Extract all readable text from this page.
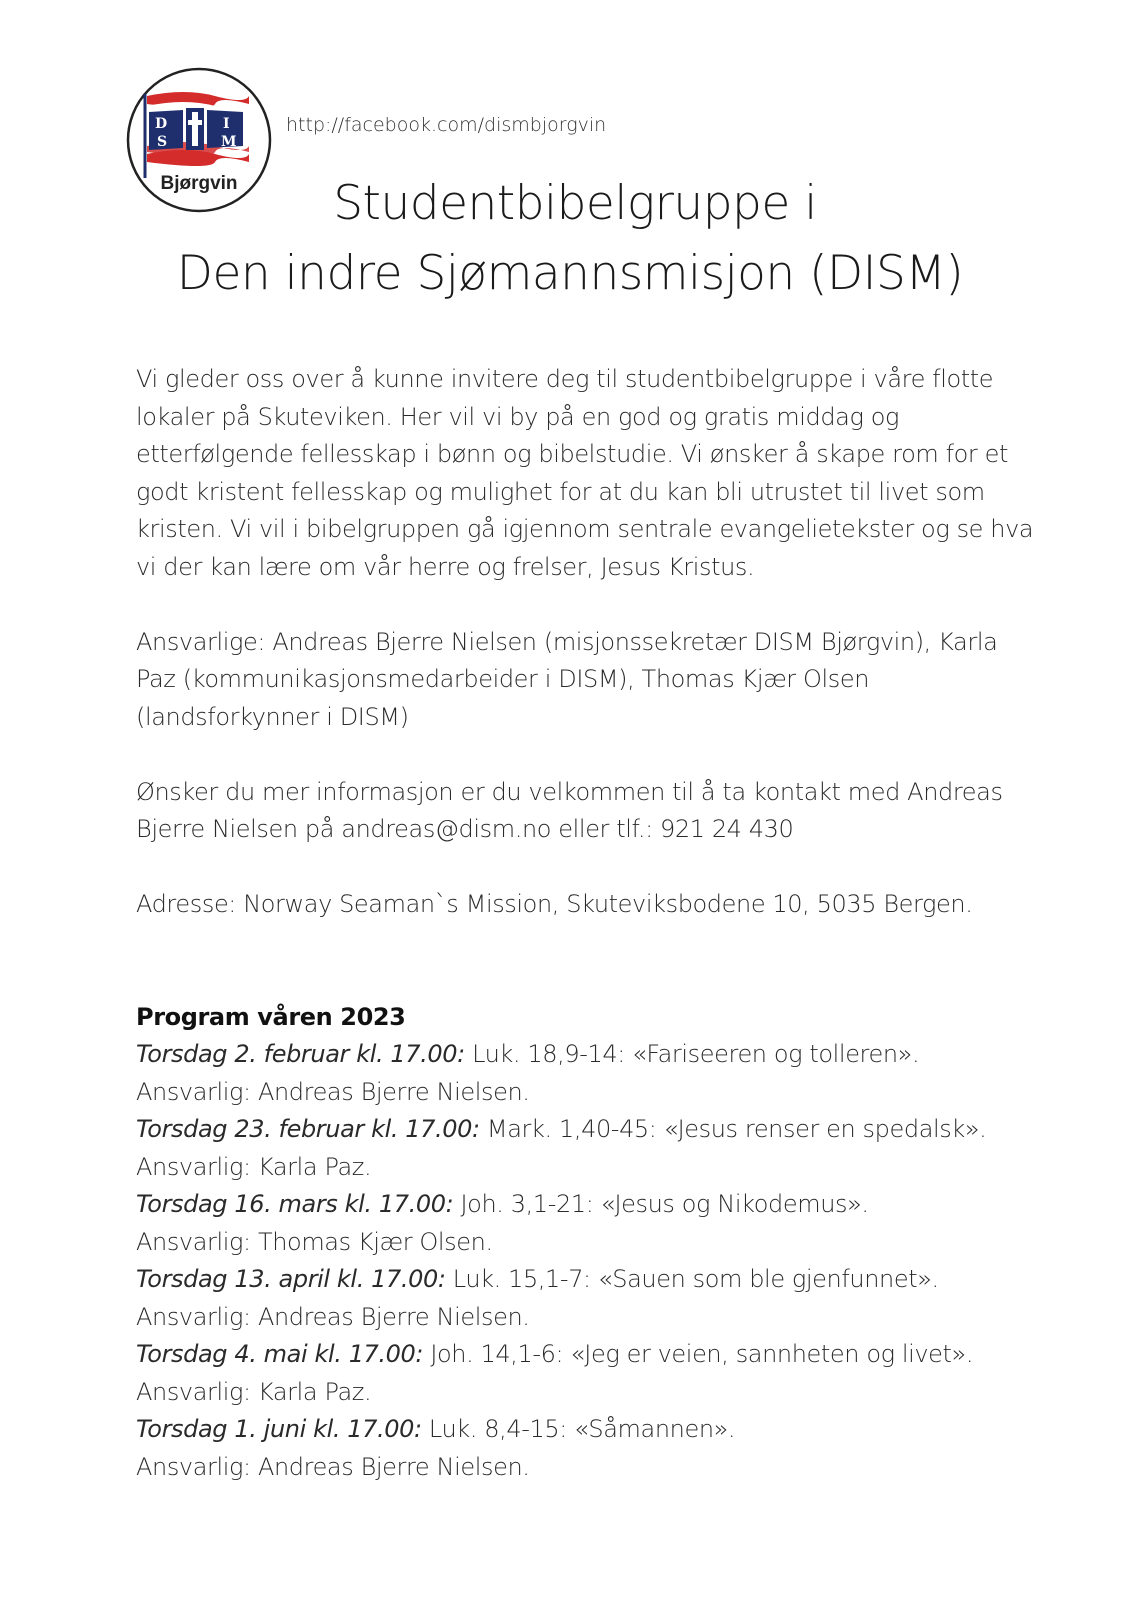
D	I
S	M
Bjørgvin
http://facebook.com/dismbjorgvin
Studentbibelgruppe i
Den indre Sjømannsmisjon (DISM)

Vi gleder oss over å kunne invitere deg til studentbibelgruppe i våre flotte lokaler på Skuteviken. Her vil vi by på en god og gratis middag og etterfølgende fellesskap i bønn og bibelstudie. Vi ønsker å skape rom for et godt kristent fellesskap og mulighet for at du kan bli utrustet til livet som kristen. Vi vil i bibelgruppen gå igjennom sentrale evangelietekster og se hva vi der kan lære om vår herre og frelser, Jesus Kristus.

Ansvarlige: Andreas Bjerre Nielsen (misjonssekretær DISM Bjørgvin), Karla Paz (kommunikasjonsmedarbeider i DISM), Thomas Kjær Olsen (landsforkynner i DISM)

Ønsker du mer informasjon er du velkommen til å ta kontakt med Andreas Bjerre Nielsen på andreas@dism.no eller tlf.: 921 24 430

Adresse: Norway Seaman`s Mission, Skuteviksbodene 10, 5035 Bergen.

Program våren 2023

Torsdag 2. februar kl. 17.00: Luk. 18,9-14: «Fariseeren og tolleren».
Ansvarlig: Andreas Bjerre Nielsen.
Torsdag 23. februar kl. 17.00: Mark. 1,40-45: «Jesus renser en spedalsk».
Ansvarlig: Karla Paz.
Torsdag 16. mars kl. 17.00: Joh. 3,1-21: «Jesus og Nikodemus».
Ansvarlig: Thomas Kjær Olsen.
Torsdag 13. april kl. 17.00: Luk. 15,1-7: «Sauen som ble gjenfunnet».
Ansvarlig: Andreas Bjerre Nielsen.
Torsdag 4. mai kl. 17.00: Joh. 14,1-6: «Jeg er veien, sannheten og livet».
Ansvarlig: Karla Paz.
Torsdag 1. juni kl. 17.00: Luk. 8,4-15: «Såmannen».
Ansvarlig: Andreas Bjerre Nielsen.
